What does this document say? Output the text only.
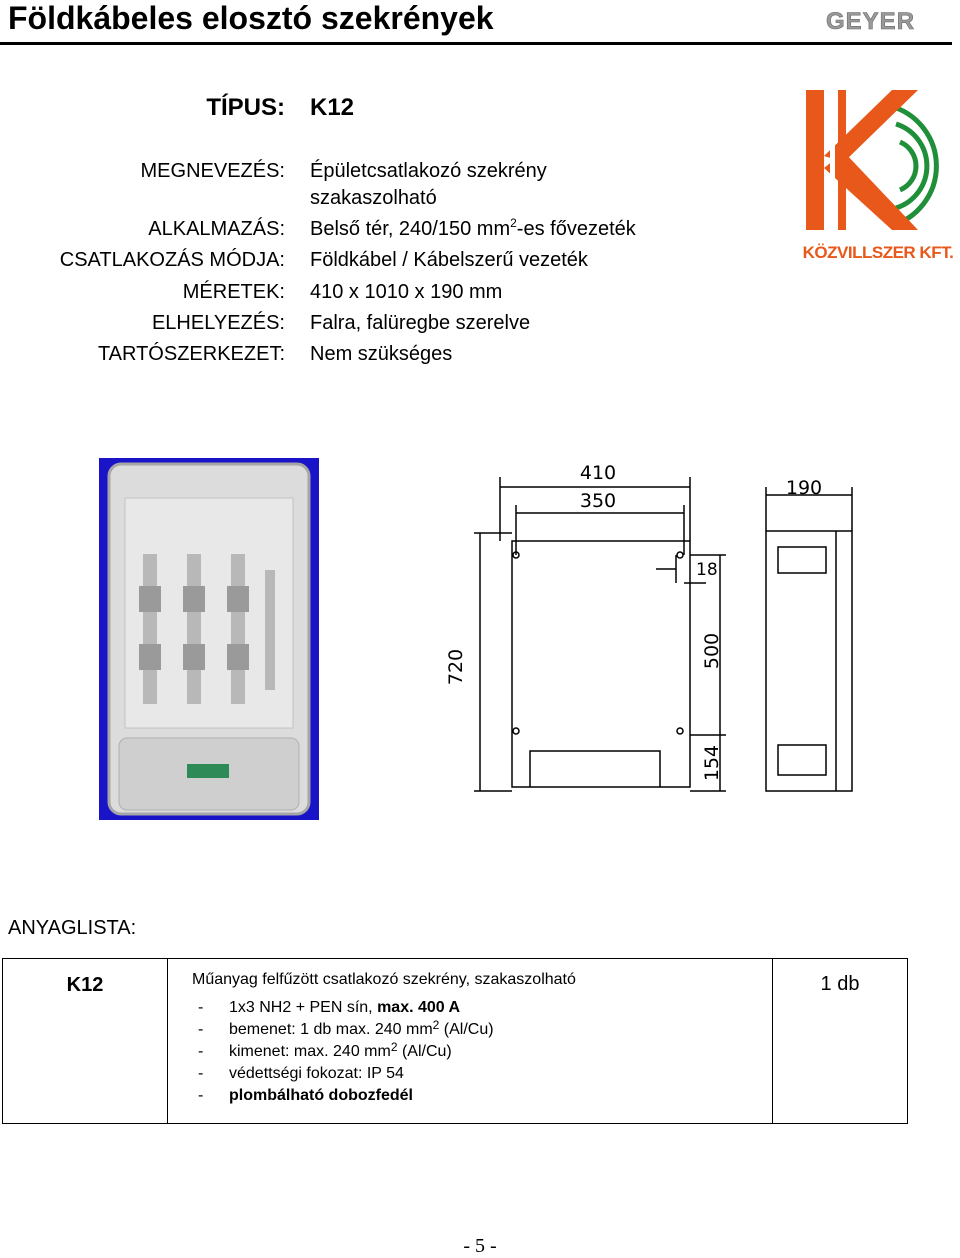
Földkábeles elosztó szekrények	GEYER
TÍPUS: K12
MEGNEVEZÉS: Épületcsatlakozó szekrény
szakaszolható
ALKALMAZÁS: Belső tér, 240/150 $mm^2-es$ fővezeték
CSATLAKOZÁS MÓDJA: Földkábel / Kábelszerű vezeték
MÉRETEK: 410 x 1010 x 190 mm
ELHELYEZÉS: Falra, falüregbe szerelve
TARTÓSZERKEZET: Nem szükséges
KÖZVILLSZER KFT.
410
350
190
18
720	500
154
ANYAGLISTA:
K12	Műanyag felfűzött csatlakozó szekrény, szakaszolható
- 1x3 NH2 + PEN sín, max. 400 A
- bemenet: 1 db max. 240 $mm^2$ (Al/Cu)
- kimenet: max. 240 $mm^2$ (Al/Cu)
- védettségi fokozat: IP 54
- plombálható dobozfedél

1 db
- 5 -
